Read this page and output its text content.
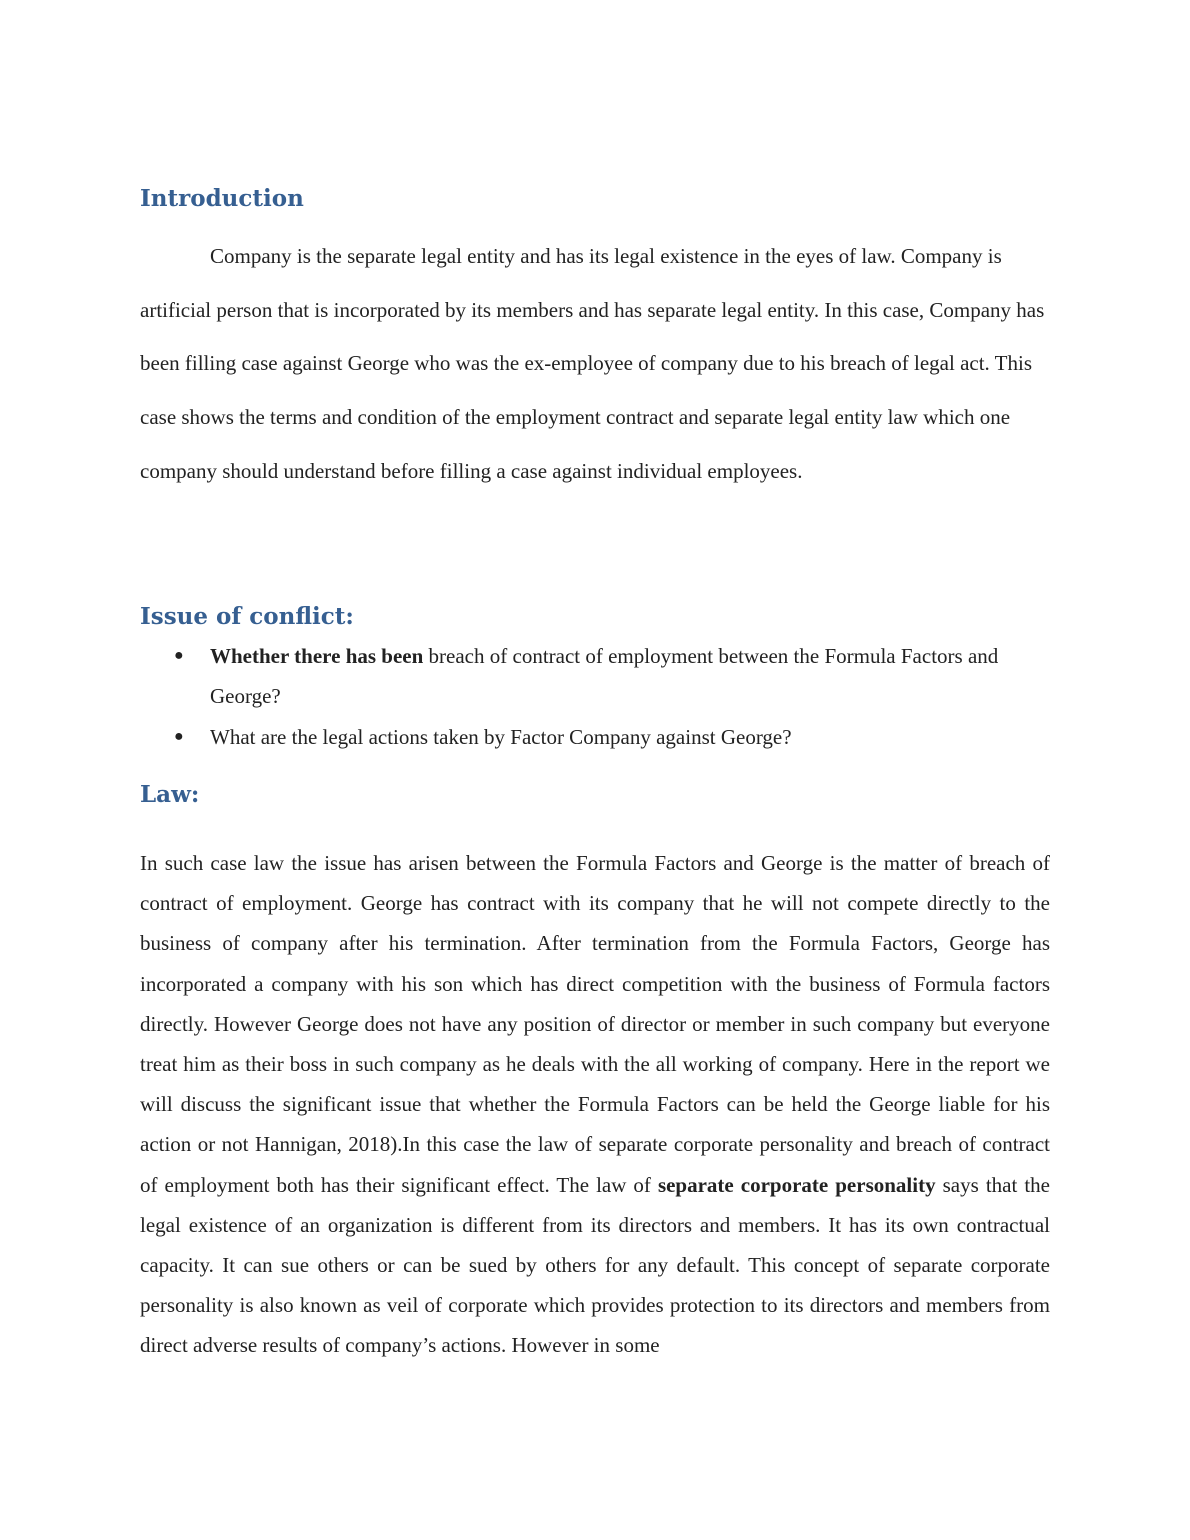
Introduction

Company is the separate legal entity and has its legal existence in the eyes of law. Company is artificial person that is incorporated by its members and has separate legal entity. In this case, Company has been filling case against George who was the ex-employee of company due to his breach of legal act. This case shows the terms and condition of the employment contract and separate legal entity law which one company should understand before filling a case against individual employees.

Issue of conflict:
● Whether there has been breach of contract of employment between the Formula Factors and George?
● What are the legal actions taken by Factor Company against George?
Law:

In such case law the issue has arisen between the Formula Factors and George is the matter of breach of contract of employment. George has contract with its company that he will not compete directly to the business of company after his termination. After termination from the Formula Factors, George has incorporated a company with his son which has direct competition with the business of Formula factors directly. However George does not have any position of director or member in such company but everyone treat him as their boss in such company as he deals with the all working of company. Here in the report we will discuss the significant issue that whether the Formula Factors can be held the George liable for his action or not Hannigan, 2018).In this case the law of separate corporate personality and breach of contract of employment both has their significant effect. The law of separate corporate personality says that the legal existence of an organization is different from its directors and members. It has its own contractual capacity. It can sue others or can be sued by others for any default. This concept of separate corporate personality is also known as veil of corporate which provides protection to its directors and members from direct adverse results of company’s actions. However in some
